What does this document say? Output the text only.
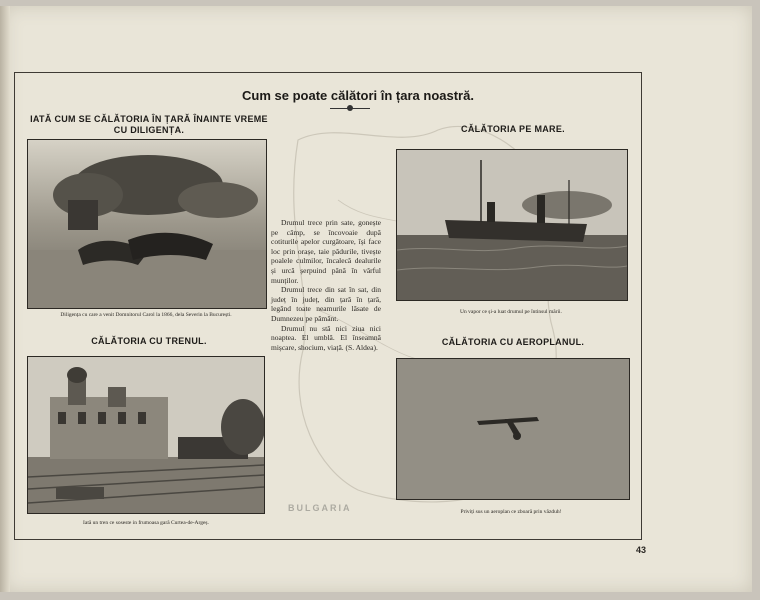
BULGARIA
Cum se poate călători în țara noastră.
IATĂ CUM SE CĂLĂTORIA ÎN ȚARĂ ÎNAINTE VREME CU DILIGENȚA.
Diligența cu care a venit Domnitorul Carol la 1866, dela Severin la București.
CĂLĂTORIA CU TRENUL.
Iată un tren ce soseste in frumoasa gară Curtea-de-Argeș.

Drumul trece prin sate, gonește pe câmp, se încovoaie după cotiturile apelor curgătoare, își face loc prin orașe, taie pădurile, tivește poalele culmilor, încalecă dealurile și urcă șerpuind până în vârful munților.

Drumul trece din sat în sat, din județ în județ, din țară în țară, legând toate neamurile lăsate de Dumnezeu pe pământ.

Drumul nu stă nici ziua nici noaptea. El umblă. El înseamnă mișcare, shocium, viață. (S. Aldea).

CĂLĂTORIA PE MARE.
Un vapor ce și-a luat drumul pe întinsul mării.
CĂLĂTORIA CU AEROPLANUL.
Priviți sus un aeroplan ce zboară prin văzduh!
43
